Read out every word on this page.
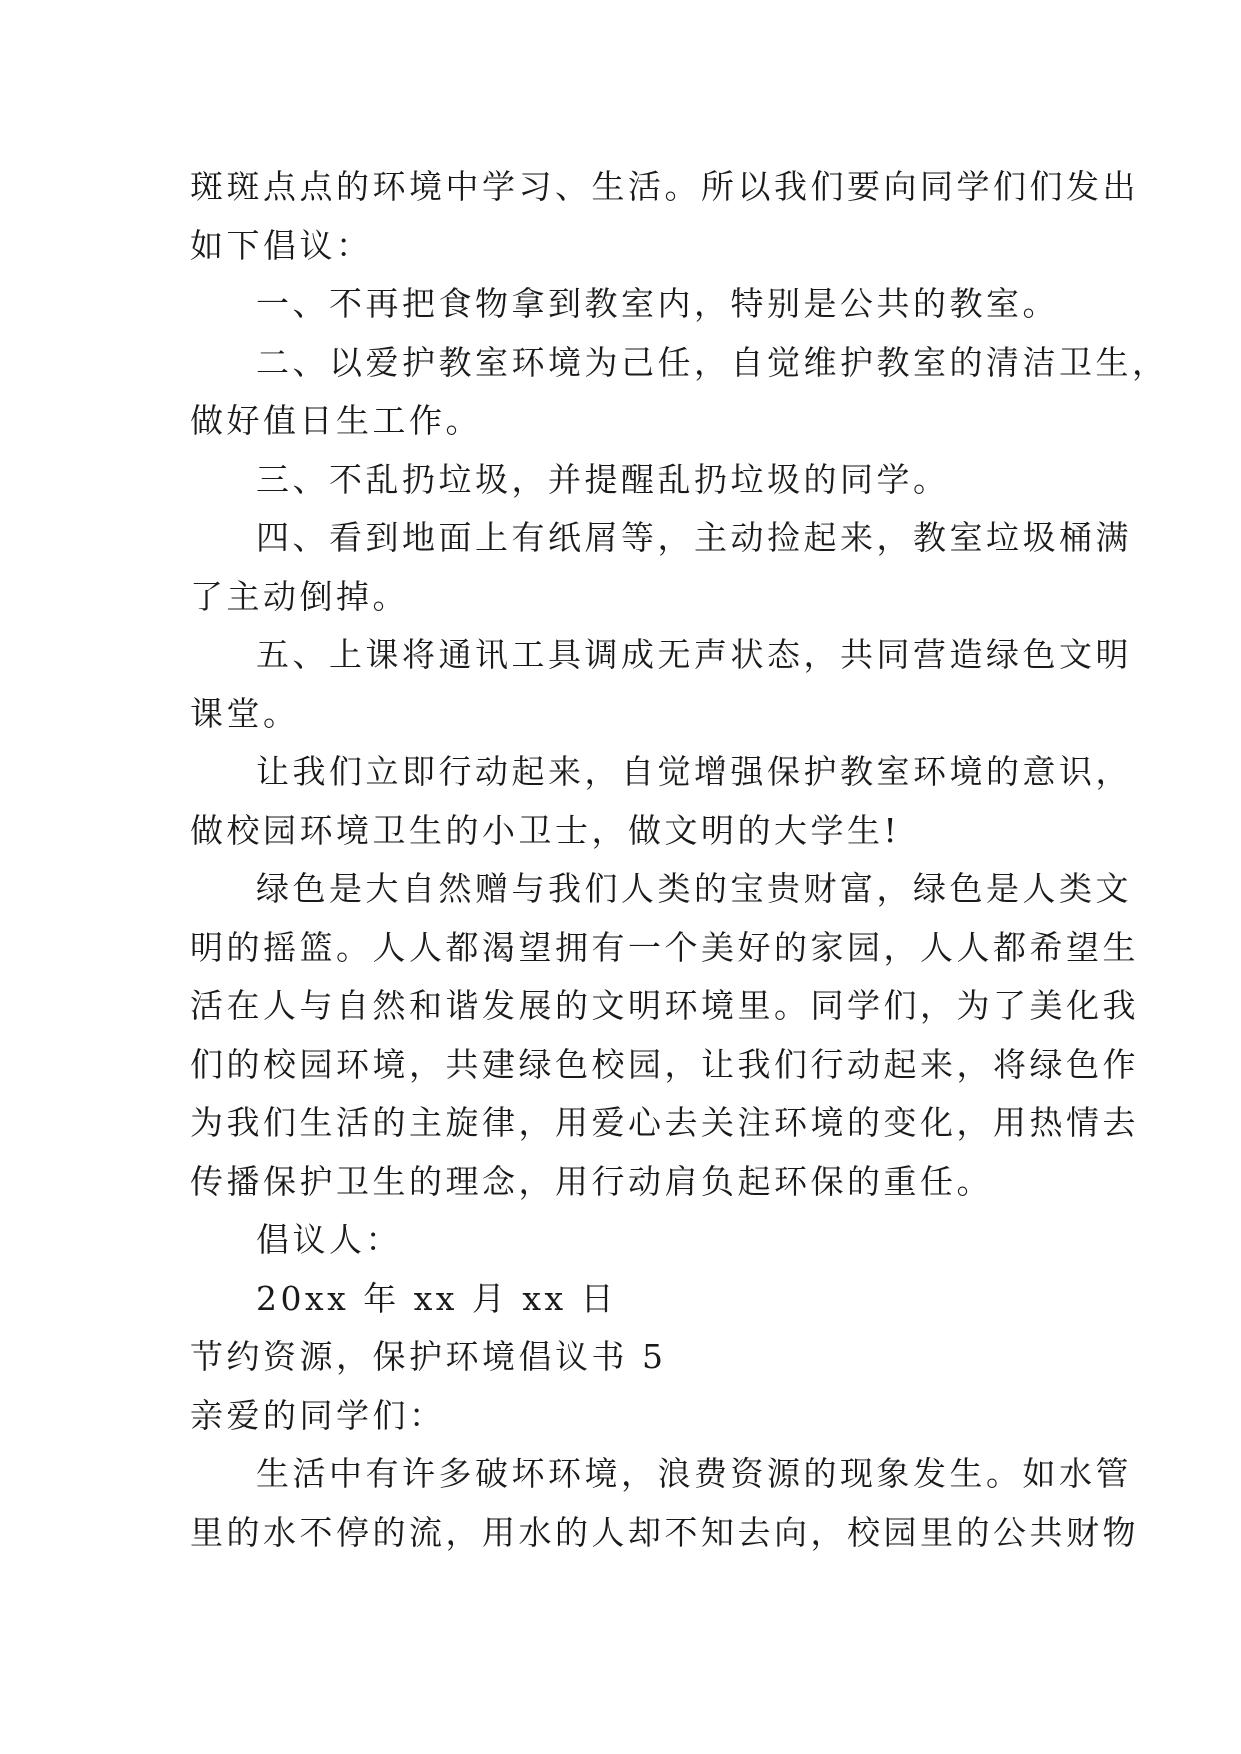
斑斑点点的环境中学习、生活。所以我们要向同学们们发出
如下倡议：
一、不再把食物拿到教室内，特别是公共的教室。
二、以爱护教室环境为己任，自觉维护教室的清洁卫生，
做好值日生工作。
三、不乱扔垃圾，并提醒乱扔垃圾的同学。
四、看到地面上有纸屑等，主动捡起来，教室垃圾桶满
了主动倒掉。
五、上课将通讯工具调成无声状态，共同营造绿色文明
课堂。
让我们立即行动起来，自觉增强保护教室环境的意识，
做校园环境卫生的小卫士，做文明的大学生!
绿色是大自然赠与我们人类的宝贵财富，绿色是人类文
明的摇篮。人人都渴望拥有一个美好的家园，人人都希望生
活在人与自然和谐发展的文明环境里。同学们，为了美化我
们的校园环境，共建绿色校园，让我们行动起来，将绿色作
为我们生活的主旋律，用爱心去关注环境的变化，用热情去
传播保护卫生的理念，用行动肩负起环保的重任。
倡议人：
20xx 年 xx 月 xx 日
节约资源，保护环境倡议书 5
亲爱的同学们：
生活中有许多破坏环境，浪费资源的现象发生。如水管
里的水不停的流，用水的人却不知去向，校园里的公共财物
